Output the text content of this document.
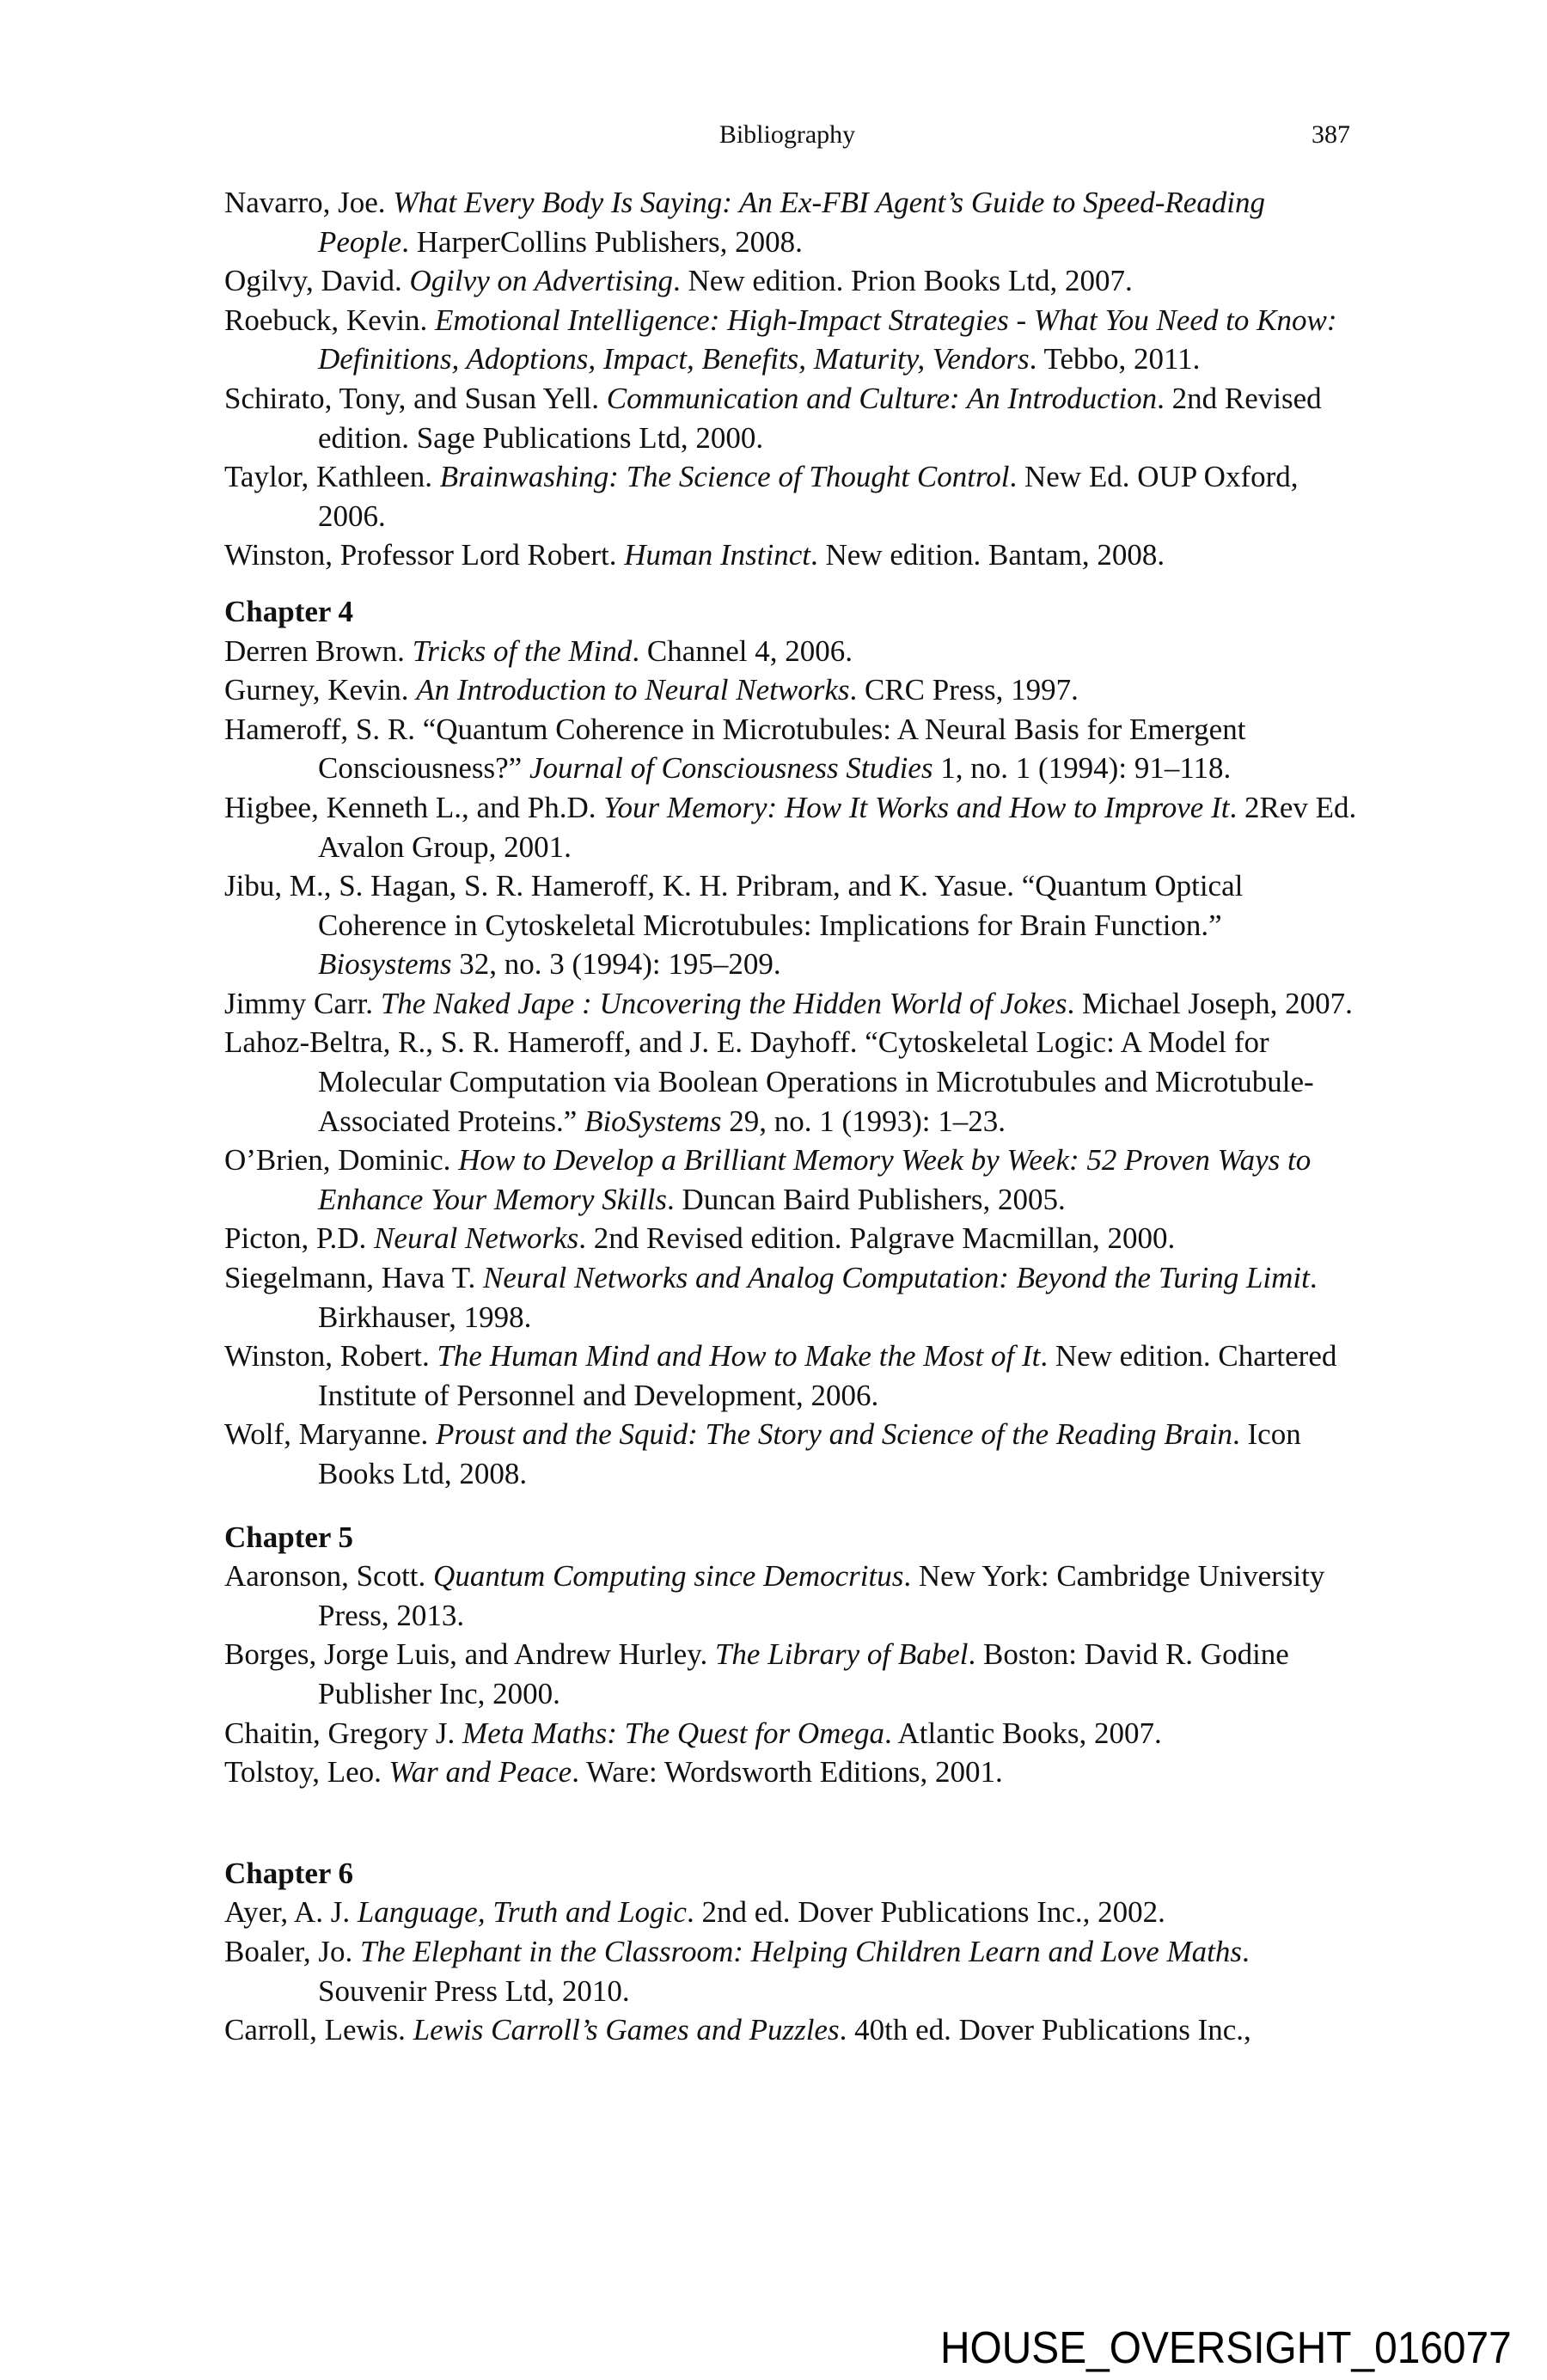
Bibliography	387

Navarro, Joe. What Every Body Is Saying: An Ex-FBI Agent’s Guide to Speed-Reading People. HarperCollins Publishers, 2008.

Ogilvy, David. Ogilvy on Advertising. New edition. Prion Books Ltd, 2007.

Roebuck, Kevin. Emotional Intelligence: High-Impact Strategies - What You Need to Know: Definitions, Adoptions, Impact, Benefits, Maturity, Vendors. Tebbo, 2011.

Schirato, Tony, and Susan Yell. Communication and Culture: An Introduction. 2nd Revised edition. Sage Publications Ltd, 2000.

Taylor, Kathleen. Brainwashing: The Science of Thought Control. New Ed. OUP Oxford, 2006.

Winston, Professor Lord Robert. Human Instinct. New edition. Bantam, 2008.

Chapter 4

Derren Brown. Tricks of the Mind. Channel 4, 2006.

Gurney, Kevin. An Introduction to Neural Networks. CRC Press, 1997.

Hameroff, S. R. “Quantum Coherence in Microtubules: A Neural Basis for Emergent Consciousness?” Journal of Consciousness Studies 1, no. 1 (1994): 91–118.

Higbee, Kenneth L., and Ph.D. Your Memory: How It Works and How to Improve It. 2Rev Ed. Avalon Group, 2001.

Jibu, M., S. Hagan, S. R. Hameroff, K. H. Pribram, and K. Yasue. “Quantum Optical Coherence in Cytoskeletal Microtubules: Implications for Brain Function.” Biosystems 32, no. 3 (1994): 195–209.

Jimmy Carr. The Naked Jape : Uncovering the Hidden World of Jokes. Michael Joseph, 2007.

Lahoz-Beltra, R., S. R. Hameroff, and J. E. Dayhoff. “Cytoskeletal Logic: A Model for Molecular Computation via Boolean Operations in Microtubules and Microtubule-Associated Proteins.” BioSystems 29, no. 1 (1993): 1–23.

O’Brien, Dominic. How to Develop a Brilliant Memory Week by Week: 52 Proven Ways to Enhance Your Memory Skills. Duncan Baird Publishers, 2005.

Picton, P.D. Neural Networks. 2nd Revised edition. Palgrave Macmillan, 2000.

Siegelmann, Hava T. Neural Networks and Analog Computation: Beyond the Turing Limit. Birkhauser, 1998.

Winston, Robert. The Human Mind and How to Make the Most of It. New edition. Chartered Institute of Personnel and Development, 2006.

Wolf, Maryanne. Proust and the Squid: The Story and Science of the Reading Brain. Icon Books Ltd, 2008.

Chapter 5

Aaronson, Scott. Quantum Computing since Democritus. New York: Cambridge University Press, 2013.

Borges, Jorge Luis, and Andrew Hurley. The Library of Babel. Boston: David R. Godine Publisher Inc, 2000.

Chaitin, Gregory J. Meta Maths: The Quest for Omega. Atlantic Books, 2007.

Tolstoy, Leo. War and Peace. Ware: Wordsworth Editions, 2001.

Chapter 6

Ayer, A. J. Language, Truth and Logic. 2nd ed. Dover Publications Inc., 2002.

Boaler, Jo. The Elephant in the Classroom: Helping Children Learn and Love Maths. Souvenir Press Ltd, 2010.

Carroll, Lewis. Lewis Carroll’s Games and Puzzles. 40th ed. Dover Publications Inc.,

HOUSE_OVERSIGHT_016077
